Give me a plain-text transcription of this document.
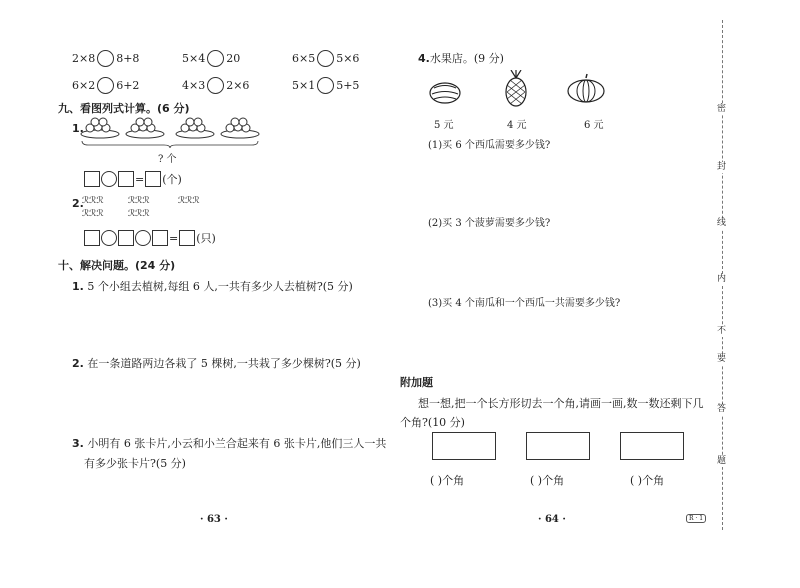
2×8 8+8	5×4 20	6×5 5×6
6×2 6+2	4×3 2×6	5×1 5+5
九、看图列式计算。(6 分)
1.
? 个
= (个)
2.
ℛℛℛ	ℛℛℛ	ℛℛℛ
ℛℛℛ	ℛℛℛ
= (只)
十、解决问题。(24 分)
1. 5 个小组去植树,每组 6 人,一共有多少人去植树?(5 分)
2. 在一条道路两边各栽了 5 棵树,一共栽了多少棵树?(5 分)
3. 小明有 6 张卡片,小云和小兰合起来有 6 张卡片,他们三人一共
有多少张卡片?(5 分)
· 63 ·
4.水果店。(9 分)
5 元	4 元	6 元
(1)买 6 个西瓜需要多少钱?
(2)买 3 个菠萝需要多少钱?
(3)买 4 个南瓜和一个西瓜一共需要多少钱?
附加题
想一想,把一个长方形切去一个角,请画一画,数一数还剩下几
个角?(10 分)
( )个角	( )个角	( )个角
· 64 ·	R · 1
密
封
线
内
不
要
答
题
